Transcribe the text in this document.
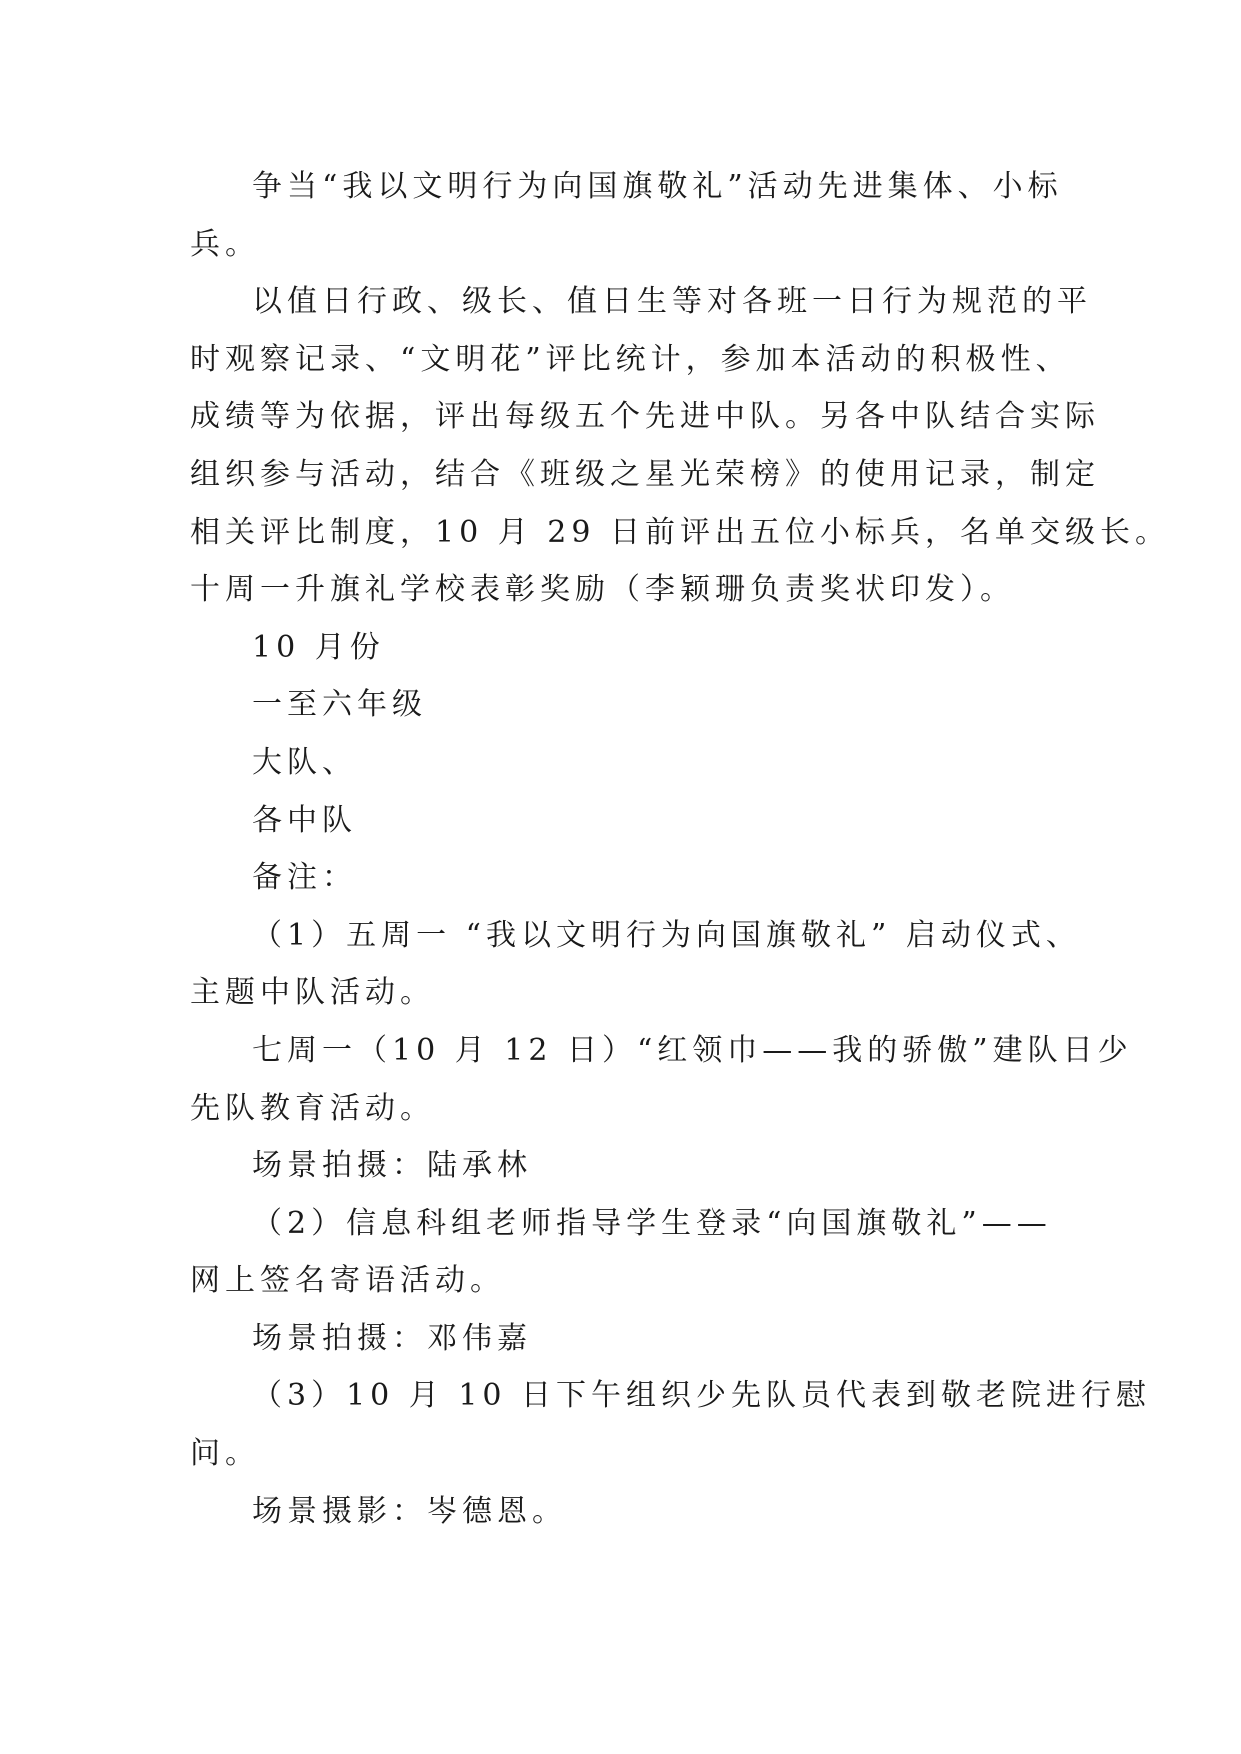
争当“我以文明行为向国旗敬礼”活动先进集体、小标
兵。
以值日行政、级长、值日生等对各班一日行为规范的平
时观察记录、“文明花”评比统计，参加本活动的积极性、
成绩等为依据，评出每级五个先进中队。另各中队结合实际
组织参与活动，结合《班级之星光荣榜》的使用记录，制定
相关评比制度，10 月 29 日前评出五位小标兵，名单交级长。
十周一升旗礼学校表彰奖励（李颖珊负责奖状印发）。
10 月份
一至六年级
大队、
各中队
备注：
（1）五周一 “我以文明行为向国旗敬礼” 启动仪式、
主题中队活动。
七周一（10 月 12 日）“红领巾——我的骄傲”建队日少
先队教育活动。
场景拍摄：陆承林
（2）信息科组老师指导学生登录“向国旗敬礼”——
网上签名寄语活动。
场景拍摄：邓伟嘉
（3）10 月 10 日下午组织少先队员代表到敬老院进行慰
问。
场景摄影：岑德恩。
